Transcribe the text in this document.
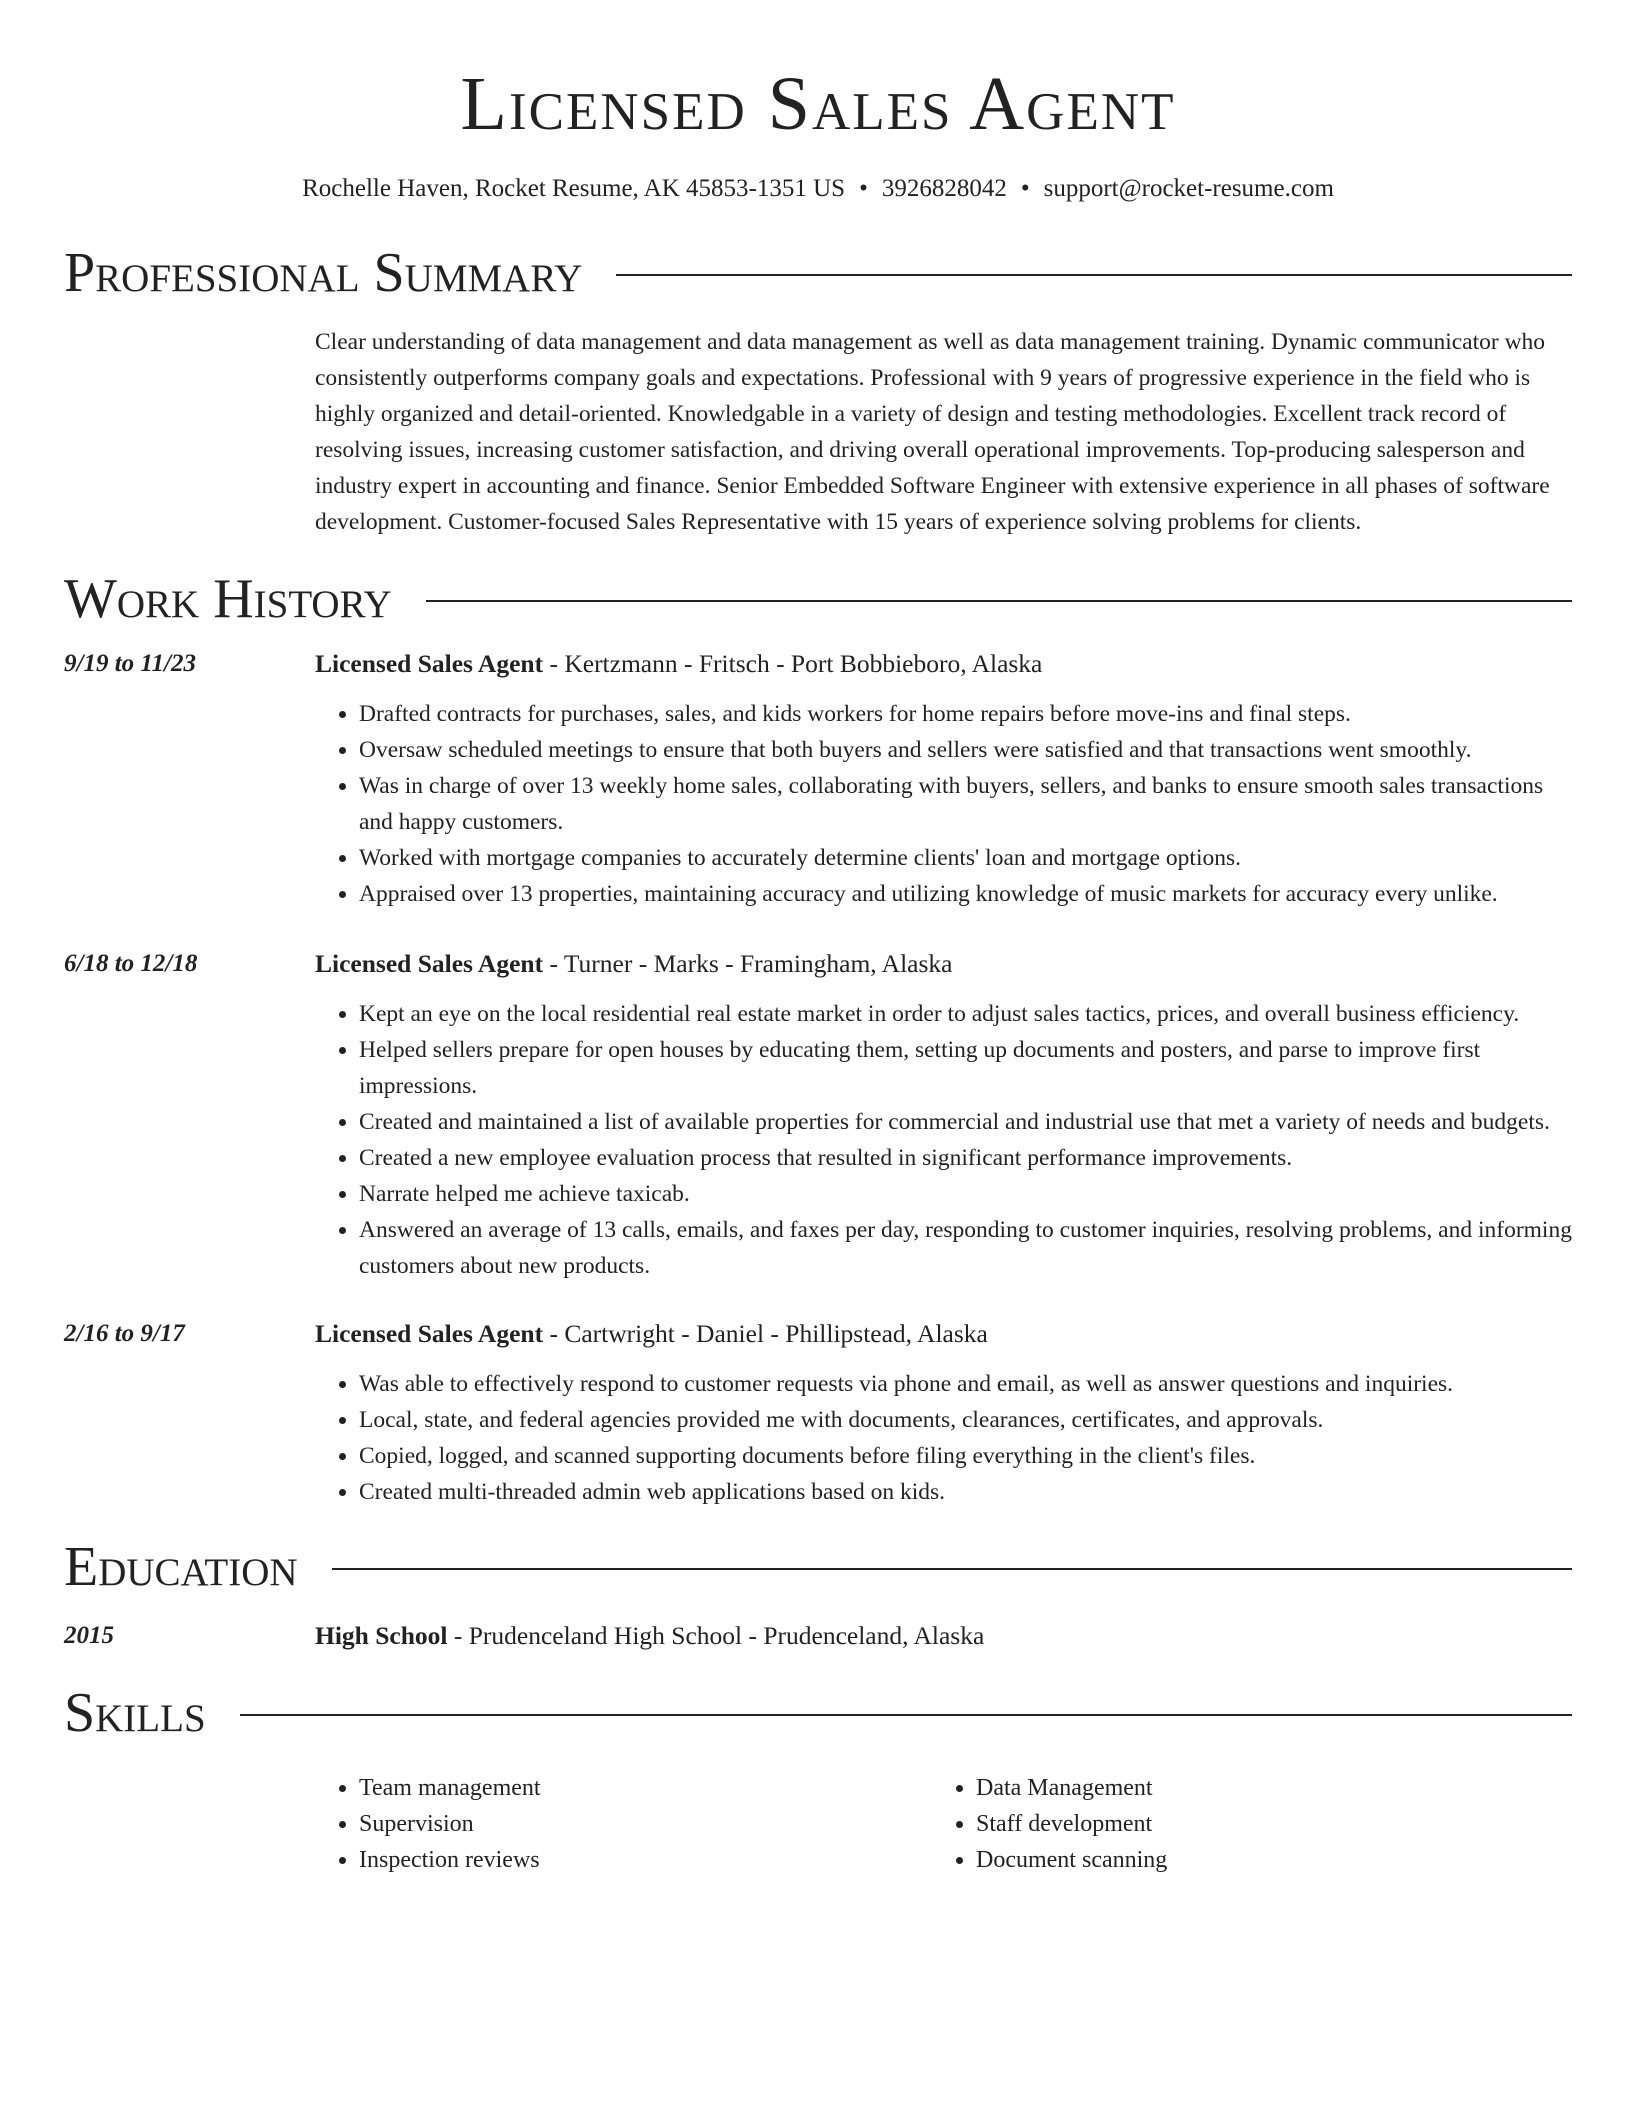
Licensed Sales Agent
Rochelle Haven, Rocket Resume, AK 45853-1351 US • 3926828042 • support@rocket-resume.com
Professional Summary
Clear understanding of data management and data management as well as data management training. Dynamic communicator who consistently outperforms company goals and expectations. Professional with 9 years of progressive experience in the field who is highly organized and detail-oriented. Knowledgable in a variety of design and testing methodologies. Excellent track record of resolving issues, increasing customer satisfaction, and driving overall operational improvements. Top-producing salesperson and industry expert in accounting and finance. Senior Embedded Software Engineer with extensive experience in all phases of software development. Customer-focused Sales Representative with 15 years of experience solving problems for clients.
Work History
9/19 to 11/23	Licensed Sales Agent - Kertzmann - Fritsch - Port Bobbieboro, Alaska
• Drafted contracts for purchases, sales, and kids workers for home repairs before move-ins and final steps.
• Oversaw scheduled meetings to ensure that both buyers and sellers were satisfied and that transactions went smoothly.
• Was in charge of over 13 weekly home sales, collaborating with buyers, sellers, and banks to ensure smooth sales transactions and happy customers.
• Worked with mortgage companies to accurately determine clients' loan and mortgage options.
• Appraised over 13 properties, maintaining accuracy and utilizing knowledge of music markets for accuracy every unlike.
6/18 to 12/18	Licensed Sales Agent - Turner - Marks - Framingham, Alaska
• Kept an eye on the local residential real estate market in order to adjust sales tactics, prices, and overall business efficiency.
• Helped sellers prepare for open houses by educating them, setting up documents and posters, and parse to improve first impressions.
• Created and maintained a list of available properties for commercial and industrial use that met a variety of needs and budgets.
• Created a new employee evaluation process that resulted in significant performance improvements.
• Narrate helped me achieve taxicab.
• Answered an average of 13 calls, emails, and faxes per day, responding to customer inquiries, resolving problems, and informing customers about new products.
2/16 to 9/17	Licensed Sales Agent - Cartwright - Daniel - Phillipstead, Alaska
• Was able to effectively respond to customer requests via phone and email, as well as answer questions and inquiries.
• Local, state, and federal agencies provided me with documents, clearances, certificates, and approvals.
• Copied, logged, and scanned supporting documents before filing everything in the client's files.
• Created multi-threaded admin web applications based on kids.
Education
2015	High School - Prudenceland High School - Prudenceland, Alaska
Skills
• Team management
• Supervision
• Inspection reviews
• Data Management
• Staff development
• Document scanning
